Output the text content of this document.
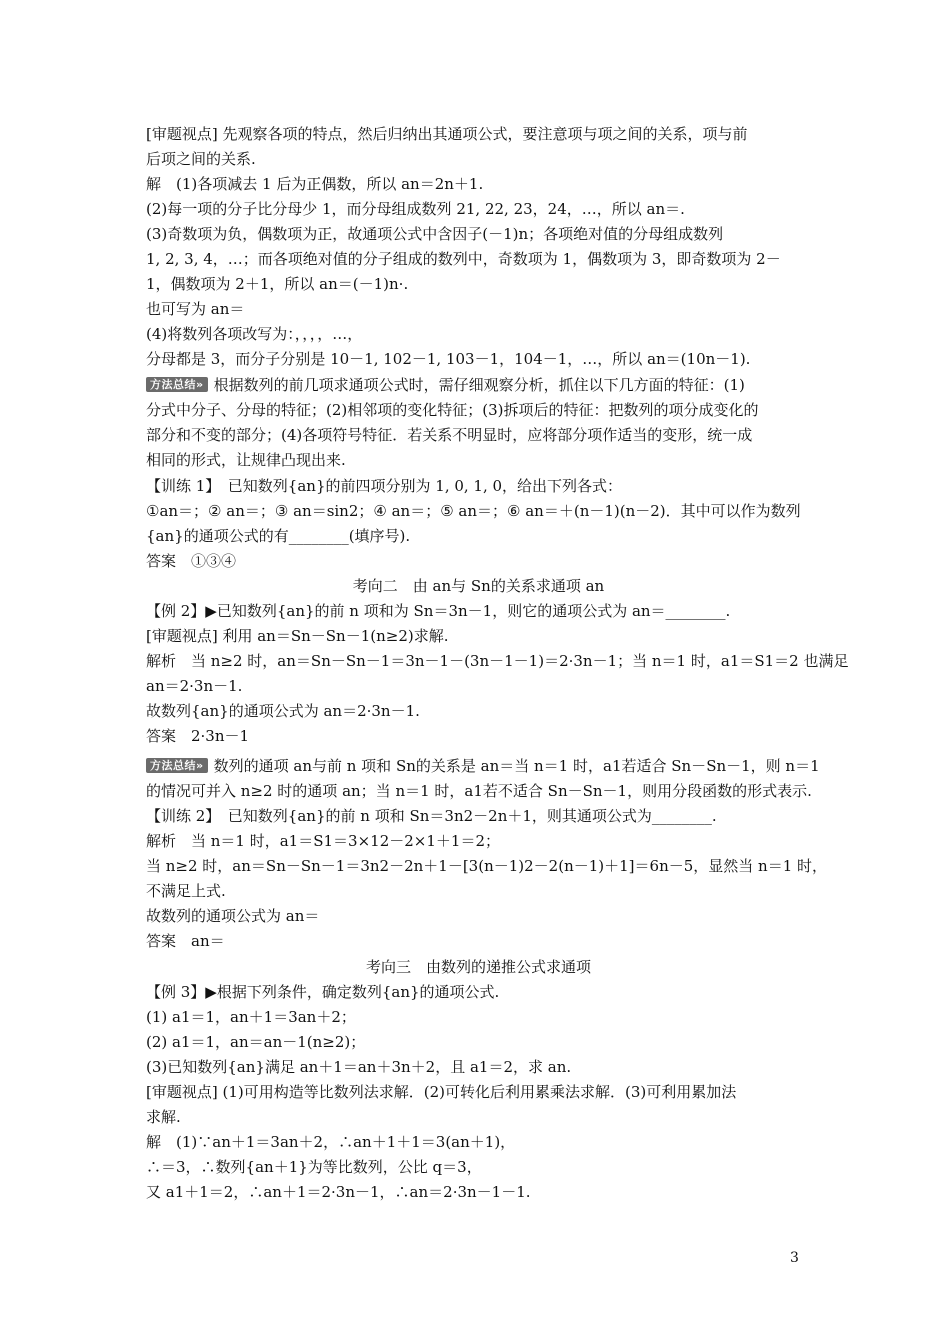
[审题视点] 先观察各项的特点，然后归纳出其通项公式，要注意项与项之间的关系，项与前
后项之间的关系.
解　(1)各项减去 1 后为正偶数，所以 an＝2n＋1.
(2)每一项的分子比分母少 1，而分母组成数列 21, 22, 23，24，…，所以 an＝.
(3)奇数项为负，偶数项为正，故通项公式中含因子(－1)n；各项绝对值的分母组成数列
1, 2, 3, 4，…；而各项绝对值的分子组成的数列中，奇数项为 1，偶数项为 3，即奇数项为 2－
1，偶数项为 2＋1，所以 an＝(－1)n·.
也可写为 an＝
(4)将数列各项改写为：，，，，…，
分母都是 3，而分子分别是 10－1, 102－1, 103－1，104－1，…，所以 an＝(10n－1).
方法总结» 根据数列的前几项求通项公式时，需仔细观察分析，抓住以下几方面的特征：(1)
分式中分子、分母的特征；(2)相邻项的变化特征；(3)拆项后的特征：把数列的项分成变化的
部分和不变的部分；(4)各项符号特征．若关系不明显时，应将部分项作适当的变形，统一成
相同的形式，让规律凸现出来.
【训练 1】　已知数列{an}的前四项分别为 1, 0, 1, 0，给出下列各式：
①an＝；② an＝；③ an＝sin2；④ an＝；⑤ an＝；⑥ an＝＋(n－1)(n－2)．其中可以作为数列
{an}的通项公式的有________(填序号).
答案　①③④
考向二　由 an与 Sn的关系求通项 an
【例 2】▶已知数列{an}的前 n 项和为 Sn＝3n－1，则它的通项公式为 an＝________.
[审题视点] 利用 an＝Sn－Sn－1(n≥2)求解.
解析　当 n≥2 时，an＝Sn－Sn－1＝3n－1－(3n－1－1)＝2·3n－1；当 n＝1 时，a1＝S1＝2 也满足
an＝2·3n－1.
故数列{an}的通项公式为 an＝2·3n－1.
答案　2·3n－1
方法总结» 数列的通项 an与前 n 项和 Sn的关系是 an＝当 n＝1 时，a1若适合 Sn－Sn－1，则 n＝1
的情况可并入 n≥2 时的通项 an；当 n＝1 时，a1若不适合 Sn－Sn－1，则用分段函数的形式表示.
【训练 2】　已知数列{an}的前 n 项和 Sn＝3n2－2n＋1，则其通项公式为________.
解析　当 n＝1 时，a1＝S1＝3×12－2×1＋1＝2；
当 n≥2 时，an＝Sn－Sn－1＝3n2－2n＋1－[3(n－1)2－2(n－1)＋1]＝6n－5，显然当 n＝1 时，
不满足上式.
故数列的通项公式为 an＝
答案　an＝
考向三　由数列的递推公式求通项
【例 3】▶根据下列条件，确定数列{an}的通项公式.
(1) a1＝1，an＋1＝3an＋2；
(2) a1＝1，an＝an－1(n≥2)；
(3)已知数列{an}满足 an＋1＝an＋3n＋2，且 a1＝2，求 an.
[审题视点] (1)可用构造等比数列法求解．(2)可转化后利用累乘法求解．(3)可利用累加法
求解.
解　(1)∵an＋1＝3an＋2，∴an＋1＋1＝3(an＋1)，
∴＝3，∴数列{an＋1}为等比数列，公比 q＝3，
又 a1＋1＝2，∴an＋1＝2·3n－1，∴an＝2·3n－1－1.
3
